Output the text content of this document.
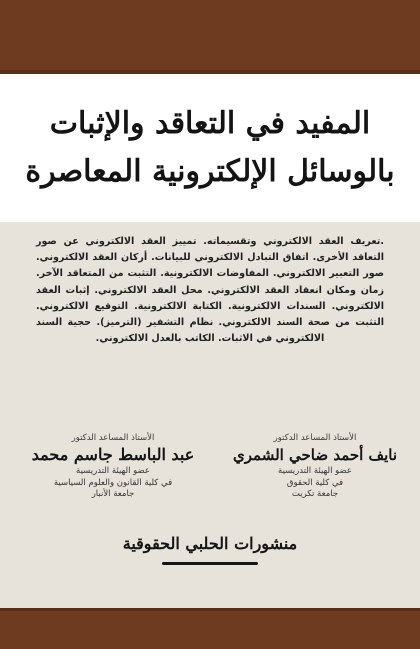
المفيد في التعاقد والإثبات
بالوسائل الإلكترونية المعاصرة

.تعريف العقد الالكتروني وتقسيماته. تمييز العقد الالكتروني عن صور التعاقد الأخرى. اتفاق التبادل الالكتروني للبيانات. أركان العقد الالكتروني. صور التعبير الالكتروني. المفاوضات الالكترونية. التثبت من المتعاقد الآخر. زمان ومكان انعقاد العقد الالكتروني. محل العقد الالكتروني. إثبات العقد الالكتروني. السندات الالكترونية. الكتابة الالكترونية. التوقيع الالكتروني. التثبت من صحة السند الالكتروني. نظام التشفير (الترميز). حجية السند الالكتروني في الاثبات. الكاتب بالعدل الالكتروني.

الأستاذ المساعد الدكتور
نايف أحمد ضاحي الشمري
عضو الهيئة التدريسية
في كلية الحقوق
جامعة تكريت
الأستاذ المساعد الدكتور
عبد الباسط جاسم محمد
عضو الهيئة التدريسية
في كلية القانون والعلوم السياسية
جامعة الأنبار
منشورات الحلبي الحقوقية
